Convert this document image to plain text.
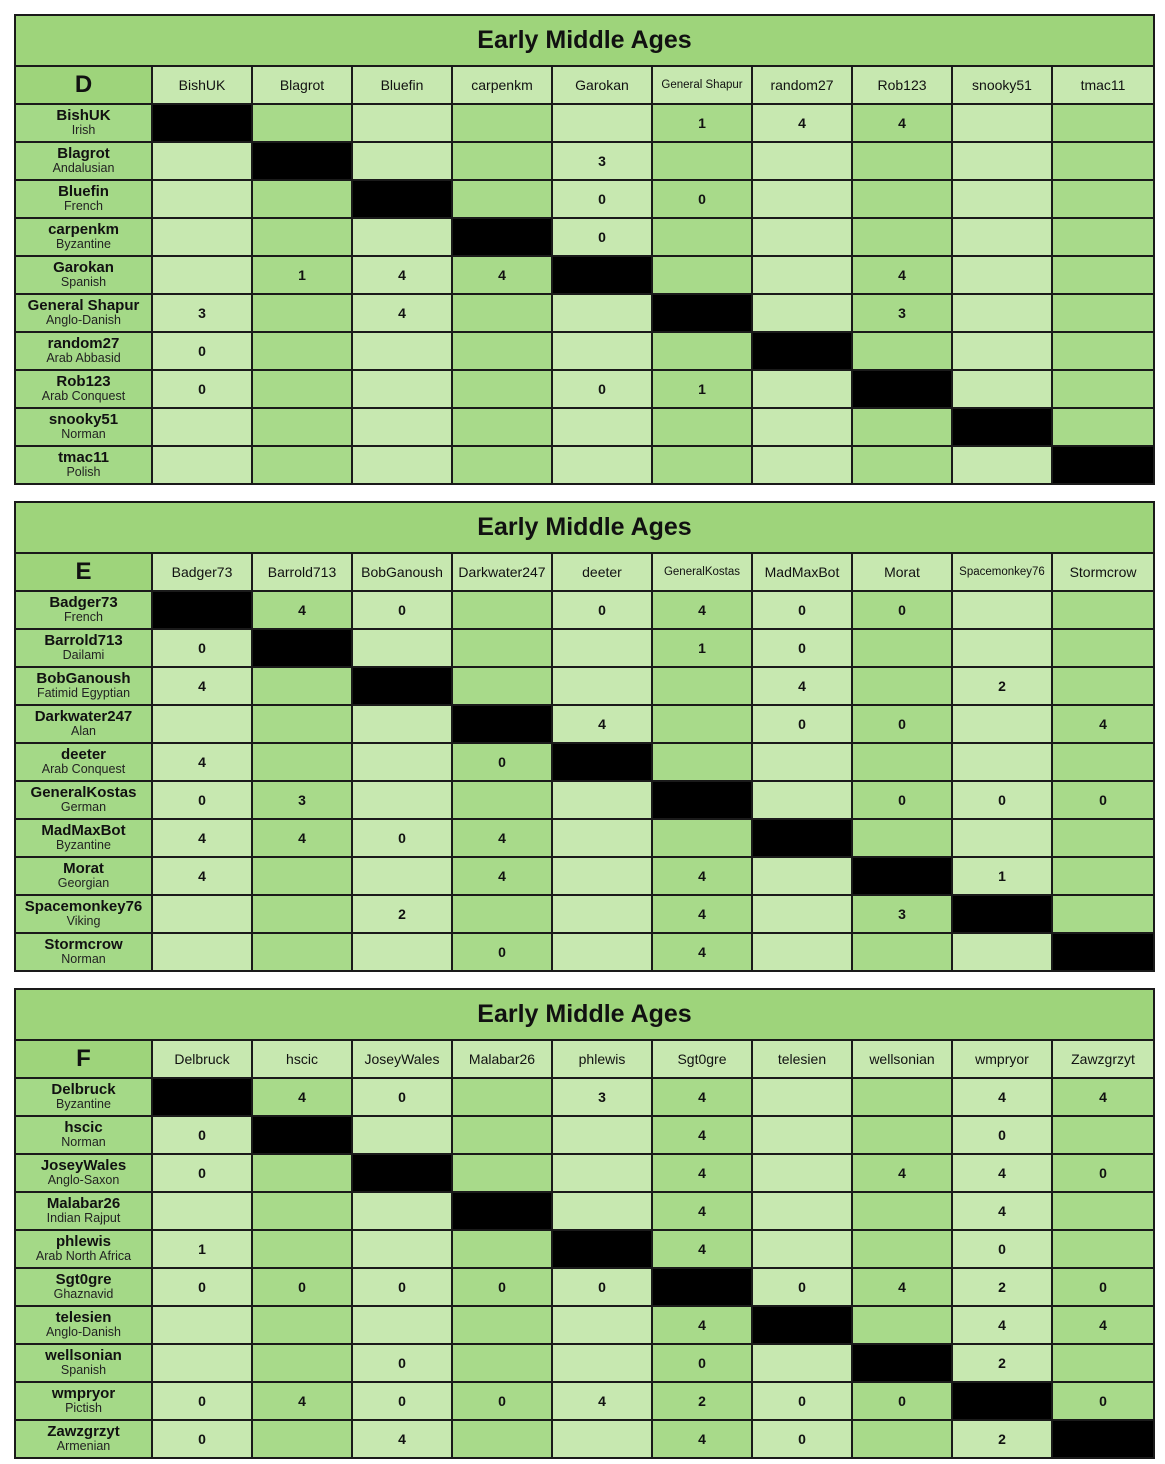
Early Middle Ages										
D	BishUK	Blagrot	Bluefin	carpenkm	Garokan	General Shapur	random27	Rob123	snooky51	tmac11

BishUK
Irish						1	4	4		

Blagrot
Andalusian					3					

Bluefin
French					0	0				

carpenkm
Byzantine					0					

Garokan
Spanish		1	4	4				4		

General Shapur
Anglo-Danish	3		4					3		

random27
Arab Abbasid	0									

Rob123
Arab Conquest	0				0	1				

snooky51
Norman										

tmac11
Polish										

Early Middle Ages										
E	Badger73	Barrold713	BobGanoush	Darkwater247	deeter	GeneralKostas	MadMaxBot	Morat	Spacemonkey76	Stormcrow

Badger73
French		4	0		0	4	0	0		

Barrold713
Dailami	0					1	0			

BobGanoush
Fatimid Egyptian	4						4		2	

Darkwater247
Alan					4		0	0		4

deeter
Arab Conquest	4			0						

GeneralKostas
German	0	3						0	0	0

MadMaxBot
Byzantine	4	4	0	4						

Morat
Georgian	4			4		4			1	

Spacemonkey76
Viking			2			4		3		

Stormcrow
Norman				0		4				
Early Middle Ages										
F	Delbruck	hscic	JoseyWales	Malabar26	phlewis	Sgt0gre	telesien	wellsonian	wmpryor	Zawzgrzyt

Delbruck
Byzantine		4	0		3	4			4	4

hscic
Norman	0					4			0	

JoseyWales
Anglo-Saxon	0					4		4	4	0

Malabar26
Indian Rajput						4			4	

phlewis
Arab North Africa	1					4			0	

Sgt0gre
Ghaznavid	0	0	0	0	0		0	4	2	0

telesien
Anglo-Danish						4			4	4

wellsonian
Spanish			0			0			2	

wmpryor
Pictish	0	4	0	0	4	2	0	0		0

Zawzgrzyt
Armenian	0		4			4	0		2	
